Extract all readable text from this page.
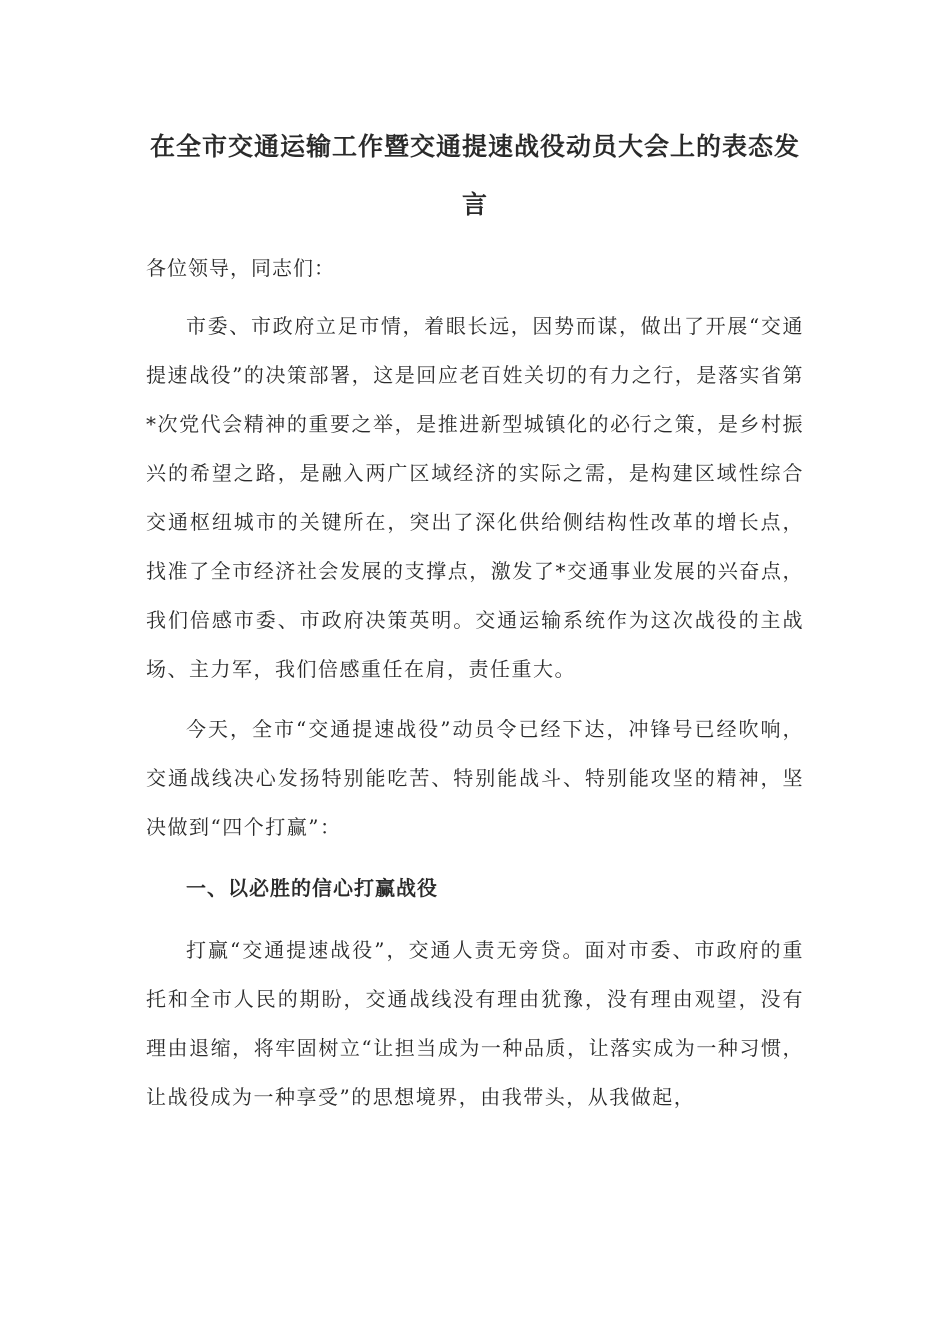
在全市交通运输工作暨交通提速战役动员大会上的表态发
言

各位领导，同志们：

市委、市政府立足市情，着眼长远，因势而谋，做出了开展“交通提速战役”的决策部署，这是回应老百姓关切的有力之行，是落实省第*次党代会精神的重要之举，是推进新型城镇化的必行之策，是乡村振兴的希望之路，是融入两广区域经济的实际之需，是构建区域性综合交通枢纽城市的关键所在，突出了深化供给侧结构性改革的增长点，找准了全市经济社会发展的支撑点，激发了*交通事业发展的兴奋点，我们倍感市委、市政府决策英明。交通运输系统作为这次战役的主战场、主力军，我们倍感重任在肩，责任重大。

今天，全市“交通提速战役”动员令已经下达，冲锋号已经吹响，交通战线决心发扬特别能吃苦、特别能战斗、特别能攻坚的精神，坚决做到“四个打赢”：

一、以必胜的信心打赢战役

打赢“交通提速战役”，交通人责无旁贷。面对市委、市政府的重托和全市人民的期盼，交通战线没有理由犹豫，没有理由观望，没有理由退缩，将牢固树立“让担当成为一种品质，让落实成为一种习惯，让战役成为一种享受”的思想境界，由我带头，从我做起，
